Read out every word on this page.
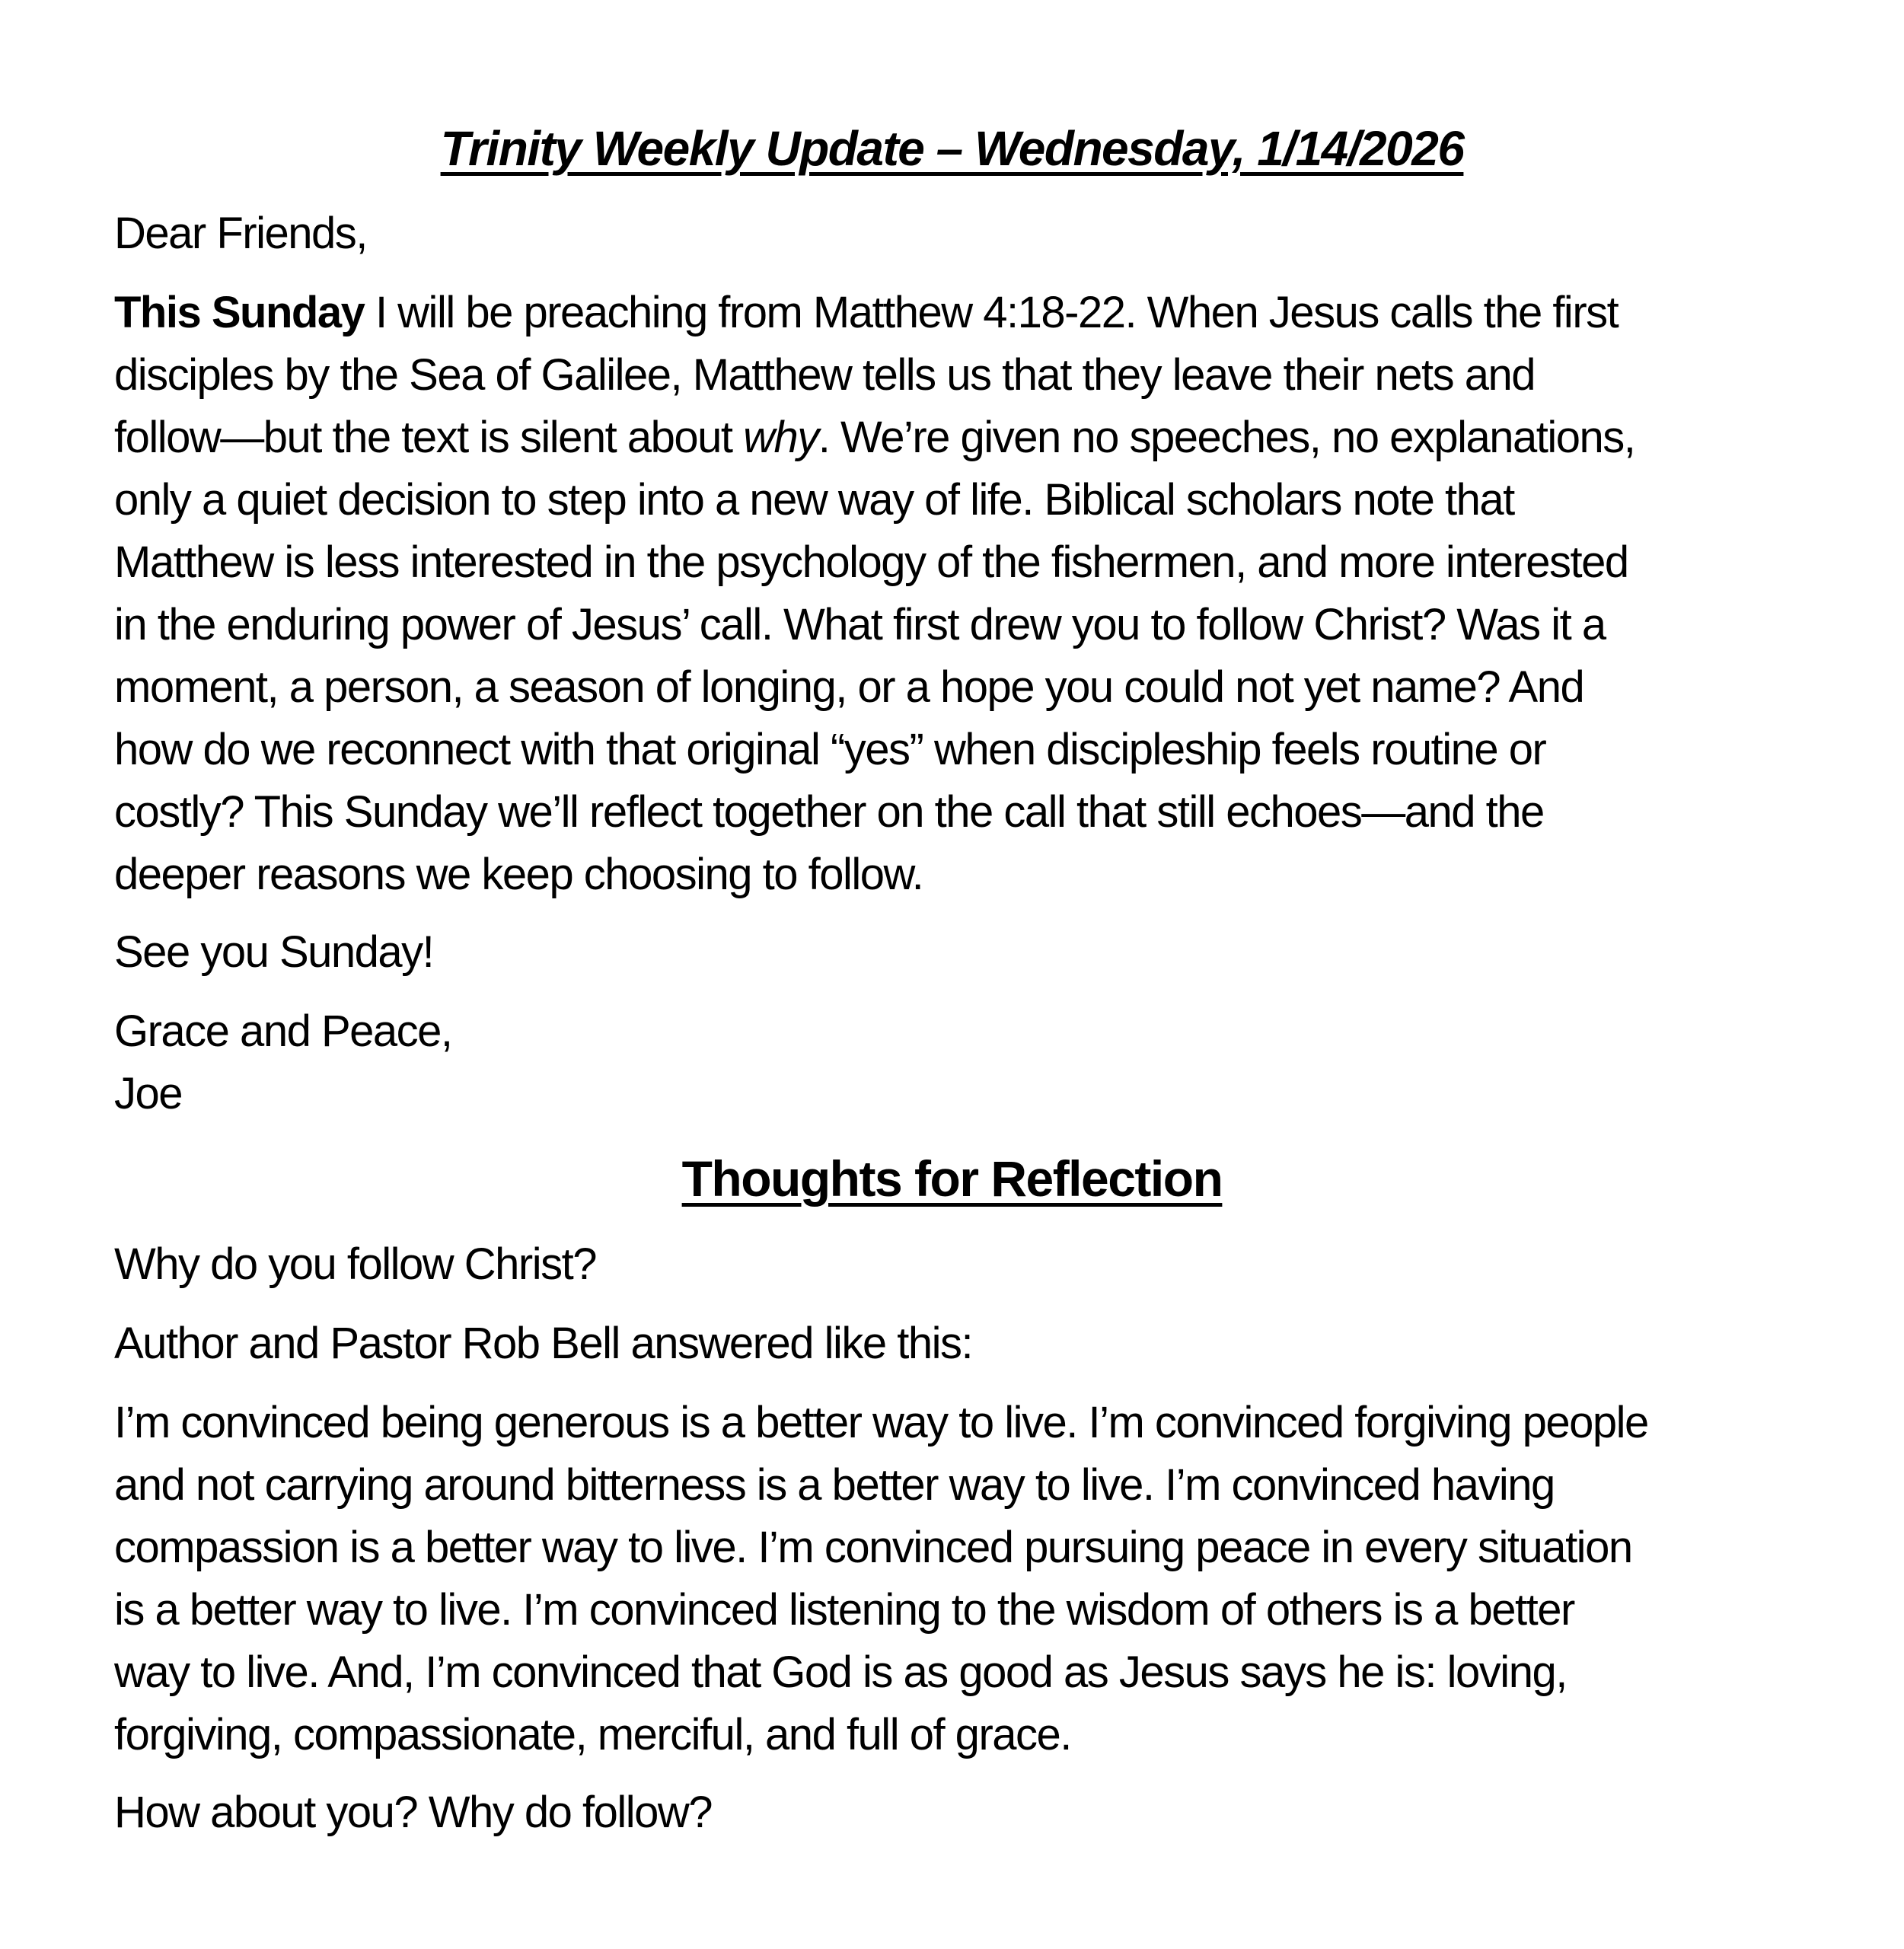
Trinity Weekly Update – Wednesday, 1/14/2026

Dear Friends,

This Sunday I will be preaching from Matthew 4:18-22. When Jesus calls the first
disciples by the Sea of Galilee, Matthew tells us that they leave their nets and
follow—but the text is silent about why. We’re given no speeches, no explanations,
only a quiet decision to step into a new way of life. Biblical scholars note that
Matthew is less interested in the psychology of the fishermen, and more interested
in the enduring power of Jesus’ call. What first drew you to follow Christ? Was it a
moment, a person, a season of longing, or a hope you could not yet name? And
how do we reconnect with that original “yes” when discipleship feels routine or
costly? This Sunday we’ll reflect together on the call that still echoes—and the
deeper reasons we keep choosing to follow.

See you Sunday!

Grace and Peace,
Joe
Thoughts for Reflection

Why do you follow Christ?

Author and Pastor Rob Bell answered like this:

I’m convinced being generous is a better way to live. I’m convinced forgiving people
and not carrying around bitterness is a better way to live. I’m convinced having
compassion is a better way to live. I’m convinced pursuing peace in every situation
is a better way to live. I’m convinced listening to the wisdom of others is a better
way to live. And, I’m convinced that God is as good as Jesus says he is: loving,
forgiving, compassionate, merciful, and full of grace.

How about you? Why do follow?
